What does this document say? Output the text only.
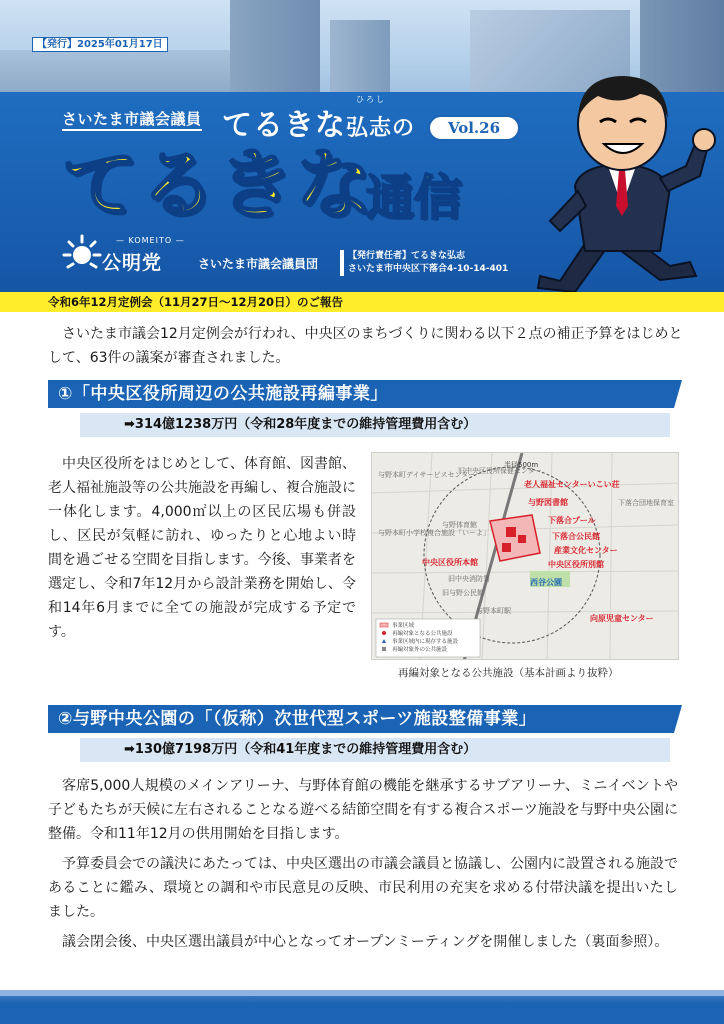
【発行】2025年01月17日
さいたま市議会議員
ひろし
てるきな弘志の	Vol.26
てるきな
通信
— KOMEITO —
公明党	さいたま市議会議員団
【発行責任者】てるきな弘志
さいたま市中央区下落合4-10-14-401
令和6年12月定例会（11月27日～12月20日）のご報告

さいたま市議会12月定例会が行われ、中央区のまちづくりに関わる以下２点の補正予算をはじめとして、63件の議案が審査されました。

①「中央区役所周辺の公共施設再編事業」
➡314億1238万円（令和28年度までの維持管理費用含む）

中央区役所をはじめとして、体育館、図書館、老人福祉施設等の公共施設を再編し、複合施設に一体化します。4,000㎡以上の区民広場も併設し、区民が気軽に訪れ、ゆったりと心地よい時間を過ごせる空間を目指します。今後、事業者を選定し、令和7年12月から設計業務を開始し、令和14年6月までに全ての施設が完成する予定です。

半径500m
老人福祉センターいこい荘
与野図書館
下落合プール
中央区役所本館
下落合公民館
産業文化センター
中央区役所別館
向原児童センター
与野本町デイサービスセンター
旧中央区役所保健センター
下落合団地保育室
与野体育館
与野本町小学校複合施設「いーよ」
旧中央消防署
旧与野公民館
与野本町駅
西谷公園
事業区域
再編対象となる公共施設
事業区域内に現存する施設
再編対象外の公共施設
再編対象となる公共施設（基本計画より抜粋）
②与野中央公園の「（仮称）次世代型スポーツ施設整備事業」
➡130億7198万円（令和41年度までの維持管理費用含む）

客席5,000人規模のメインアリーナ、与野体育館の機能を継承するサブアリーナ、ミニイベントや子どもたちが天候に左右されることなる遊べる結節空間を有する複合スポーツ施設を与野中央公園に整備。令和11年12月の供用開始を目指します。

予算委員会での議決にあたっては、中央区選出の市議会議員と協議し、公園内に設置される施設であることに鑑み、環境との調和や市民意見の反映、市民利用の充実を求める付帯決議を提出いたしました。

議会閉会後、中央区選出議員が中心となってオープンミーティングを開催しました（裏面参照）。
